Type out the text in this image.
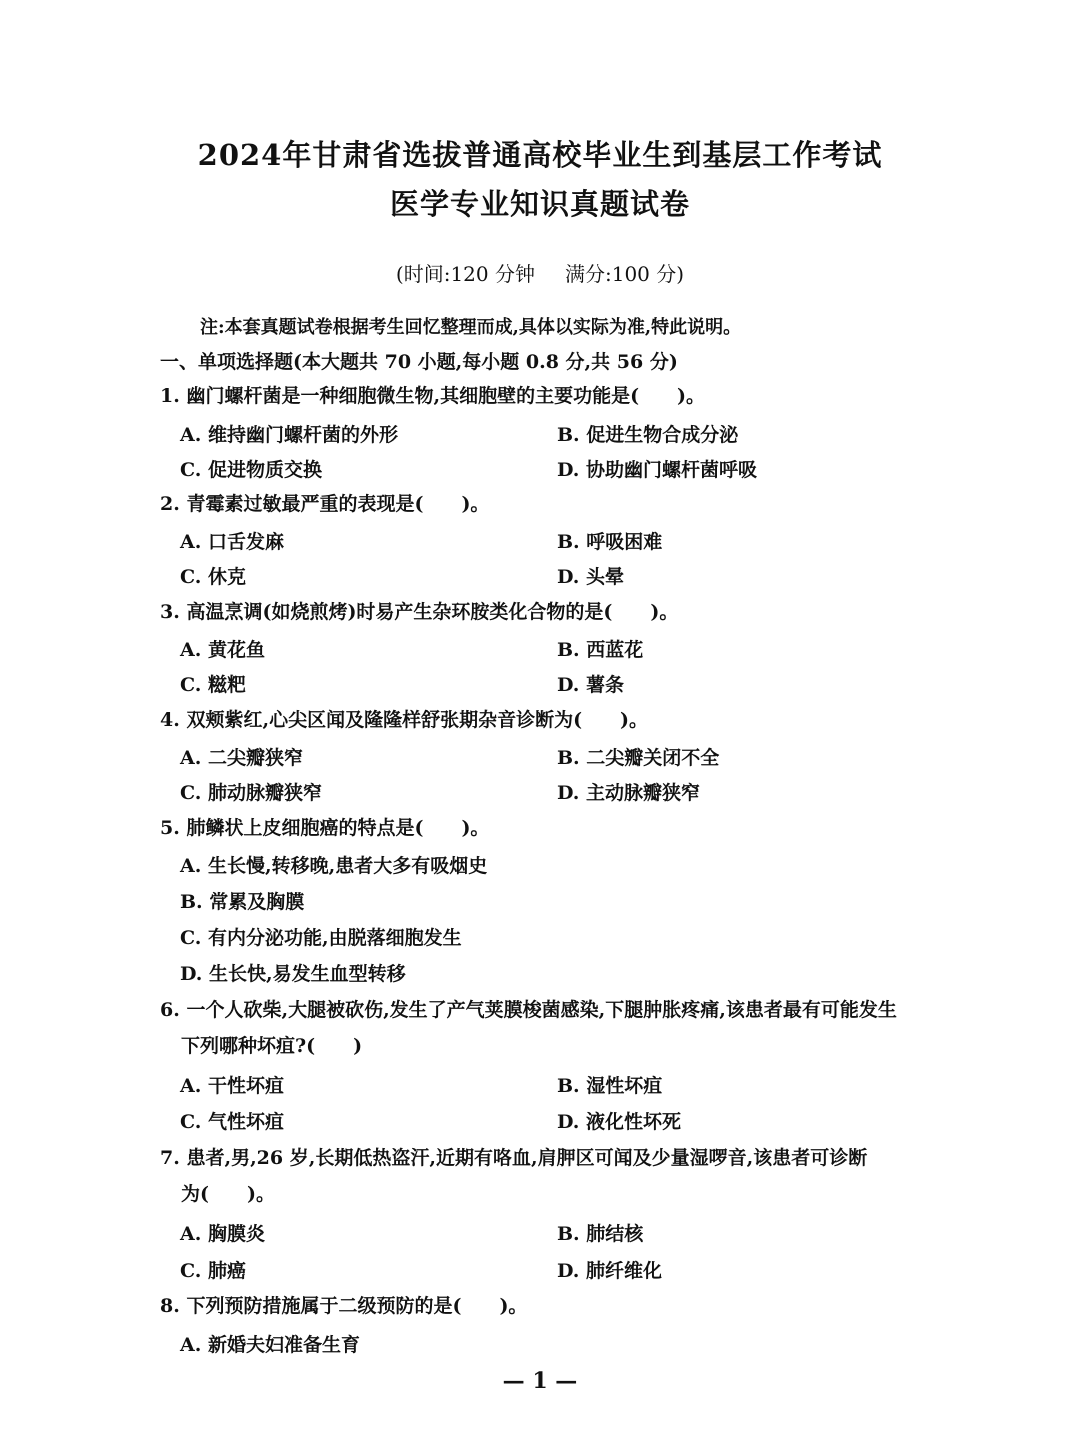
2024年甘肃省选拔普通高校毕业生到基层工作考试
医学专业知识真题试卷
(时间:120 分钟 满分:100 分)
注:本套真题试卷根据考生回忆整理而成,具体以实际为准,特此说明。
一、单项选择题(本大题共 70 小题,每小题 0.8 分,共 56 分)
1. 幽门螺杆菌是一种细胞微生物,其细胞壁的主要功能是(　　)。
A. 维持幽门螺杆菌的外形	B. 促进生物合成分泌
C. 促进物质交换	D. 协助幽门螺杆菌呼吸
2. 青霉素过敏最严重的表现是(　　)。
A. 口舌发麻	B. 呼吸困难
C. 休克	D. 头晕
3. 高温烹调(如烧煎烤)时易产生杂环胺类化合物的是(　　)。
A. 黄花鱼	B. 西蓝花
C. 糍粑	D. 薯条
4. 双颊紫红,心尖区闻及隆隆样舒张期杂音诊断为(　　)。
A. 二尖瓣狭窄	B. 二尖瓣关闭不全
C. 肺动脉瓣狭窄	D. 主动脉瓣狭窄
5. 肺鳞状上皮细胞癌的特点是(　　)。
A. 生长慢,转移晚,患者大多有吸烟史
B. 常累及胸膜
C. 有内分泌功能,由脱落细胞发生
D. 生长快,易发生血型转移
6. 一个人砍柴,大腿被砍伤,发生了产气荚膜梭菌感染,下腿肿胀疼痛,该患者最有可能发生
下列哪种坏疽?(　　)
A. 干性坏疽	B. 湿性坏疽
C. 气性坏疽	D. 液化性坏死
7. 患者,男,26 岁,长期低热盗汗,近期有咯血,肩胛区可闻及少量湿啰音,该患者可诊断
为(　　)。
A. 胸膜炎	B. 肺结核
C. 肺癌	D. 肺纤维化
8. 下列预防措施属于二级预防的是(　　)。
A. 新婚夫妇准备生育
— 1 —
